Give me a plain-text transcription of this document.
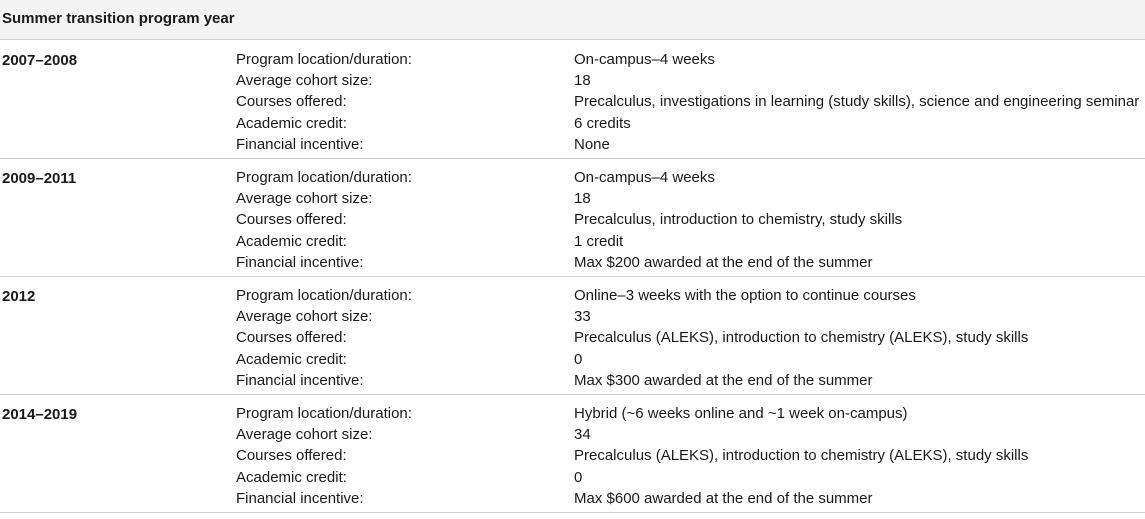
Summer transition program year
2007–2008	Program location/duration:	On-campus–4 weeks
Average cohort size:	18
Courses offered:	Precalculus, investigations in learning (study skills), science and engineering seminar
Academic credit:	6 credits
Financial incentive:	None
2009–2011	Program location/duration:	On-campus–4 weeks
Average cohort size:	18
Courses offered:	Precalculus, introduction to chemistry, study skills
Academic credit:	1 credit
Financial incentive:	Max $200 awarded at the end of the summer
2012	Program location/duration:	Online–3 weeks with the option to continue courses
Average cohort size:	33
Courses offered:	Precalculus (ALEKS), introduction to chemistry (ALEKS), study skills
Academic credit:	0
Financial incentive:	Max $300 awarded at the end of the summer
2014–2019	Program location/duration:	Hybrid (~6 weeks online and ~1 week on-campus)
Average cohort size:	34
Courses offered:	Precalculus (ALEKS), introduction to chemistry (ALEKS), study skills
Academic credit:	0
Financial incentive:	Max $600 awarded at the end of the summer
